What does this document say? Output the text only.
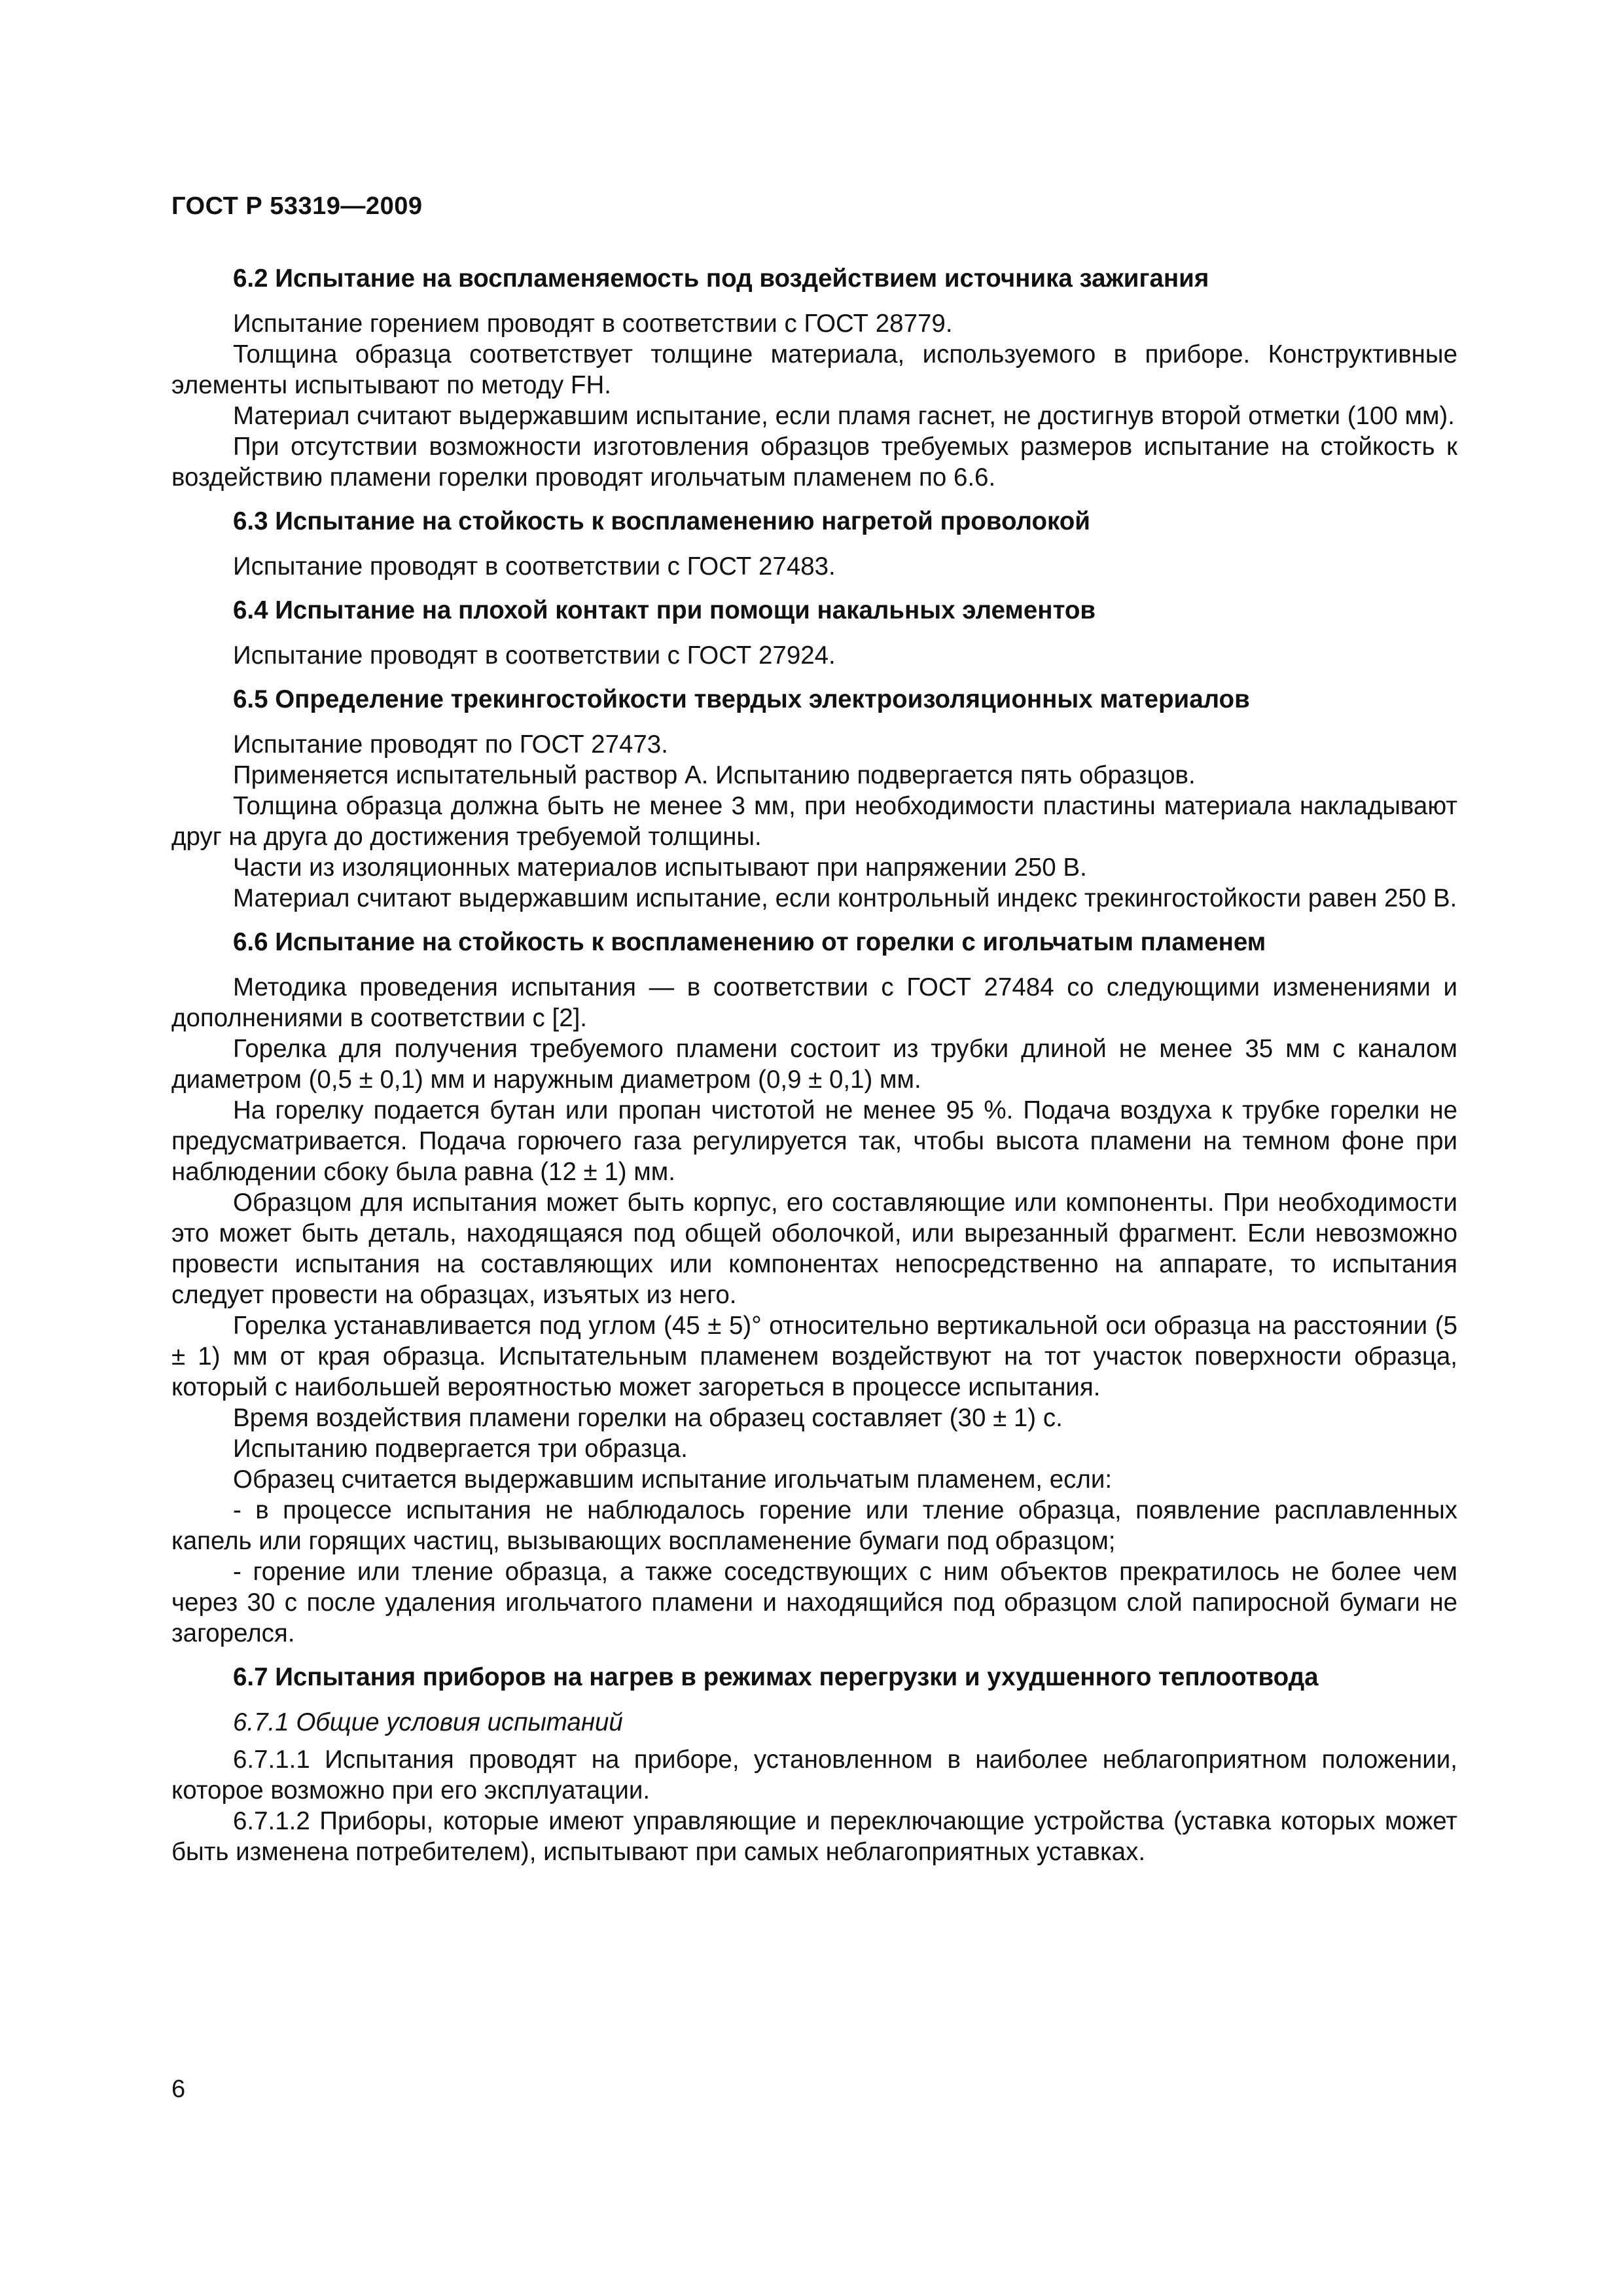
ГОСТ Р 53319—2009
6.2 Испытание на воспламеняемость под воздействием источника зажигания

Испытание горением проводят в соответствии с ГОСТ 28779.

Толщина образца соответствует толщине материала, используемого в приборе. Конструктивные элементы испытывают по методу FH.

Материал считают выдержавшим испытание, если пламя гаснет, не достигнув второй отметки (100 мм).

При отсутствии возможности изготовления образцов требуемых размеров испытание на стойкость к воздействию пламени горелки проводят игольчатым пламенем по 6.6.

6.3 Испытание на стойкость к воспламенению нагретой проволокой

Испытание проводят в соответствии с ГОСТ 27483.

6.4 Испытание на плохой контакт при помощи накальных элементов

Испытание проводят в соответствии с ГОСТ 27924.

6.5 Определение трекингостойкости твердых электроизоляционных материалов

Испытание проводят по ГОСТ 27473.

Применяется испытательный раствор А. Испытанию подвергается пять образцов.

Толщина образца должна быть не менее 3 мм, при необходимости пластины материала накладывают друг на друга до достижения требуемой толщины.

Части из изоляционных материалов испытывают при напряжении 250 В.

Материал считают выдержавшим испытание, если контрольный индекс трекингостойкости равен 250 В.

6.6 Испытание на стойкость к воспламенению от горелки с игольчатым пламенем

Методика проведения испытания — в соответствии с ГОСТ 27484 со следующими изменениями и дополнениями в соответствии с [2].

Горелка для получения требуемого пламени состоит из трубки длиной не менее 35 мм с каналом диаметром (0,5 ± 0,1) мм и наружным диаметром (0,9 ± 0,1) мм.

На горелку подается бутан или пропан чистотой не менее 95 %. Подача воздуха к трубке горелки не предусматривается. Подача горючего газа регулируется так, чтобы высота пламени на темном фоне при наблюдении сбоку была равна (12 ± 1) мм.

Образцом для испытания может быть корпус, его составляющие или компоненты. При необходимости это может быть деталь, находящаяся под общей оболочкой, или вырезанный фрагмент. Если невозможно провести испытания на составляющих или компонентах непосредственно на аппарате, то испытания следует провести на образцах, изъятых из него.

Горелка устанавливается под углом (45 ± 5)° относительно вертикальной оси образца на расстоянии (5 ± 1) мм от края образца. Испытательным пламенем воздействуют на тот участок поверхности образца, который с наибольшей вероятностью может загореться в процессе испытания.

Время воздействия пламени горелки на образец составляет (30 ± 1) с.

Испытанию подвергается три образца.

Образец считается выдержавшим испытание игольчатым пламенем, если:

- в процессе испытания не наблюдалось горение или тление образца, появление расплавленных капель или горящих частиц, вызывающих воспламенение бумаги под образцом;

- горение или тление образца, а также соседствующих с ним объектов прекратилось не более чем через 30 с после удаления игольчатого пламени и находящийся под образцом слой папиросной бумаги не загорелся.

6.7 Испытания приборов на нагрев в режимах перегрузки и ухудшенного теплоотвода
6.7.1 Общие условия испытаний

6.7.1.1 Испытания проводят на приборе, установленном в наиболее неблагоприятном положении, которое возможно при его эксплуатации.

6.7.1.2 Приборы, которые имеют управляющие и переключающие устройства (уставка которых может быть изменена потребителем), испытывают при самых неблагоприятных уставках.

6
